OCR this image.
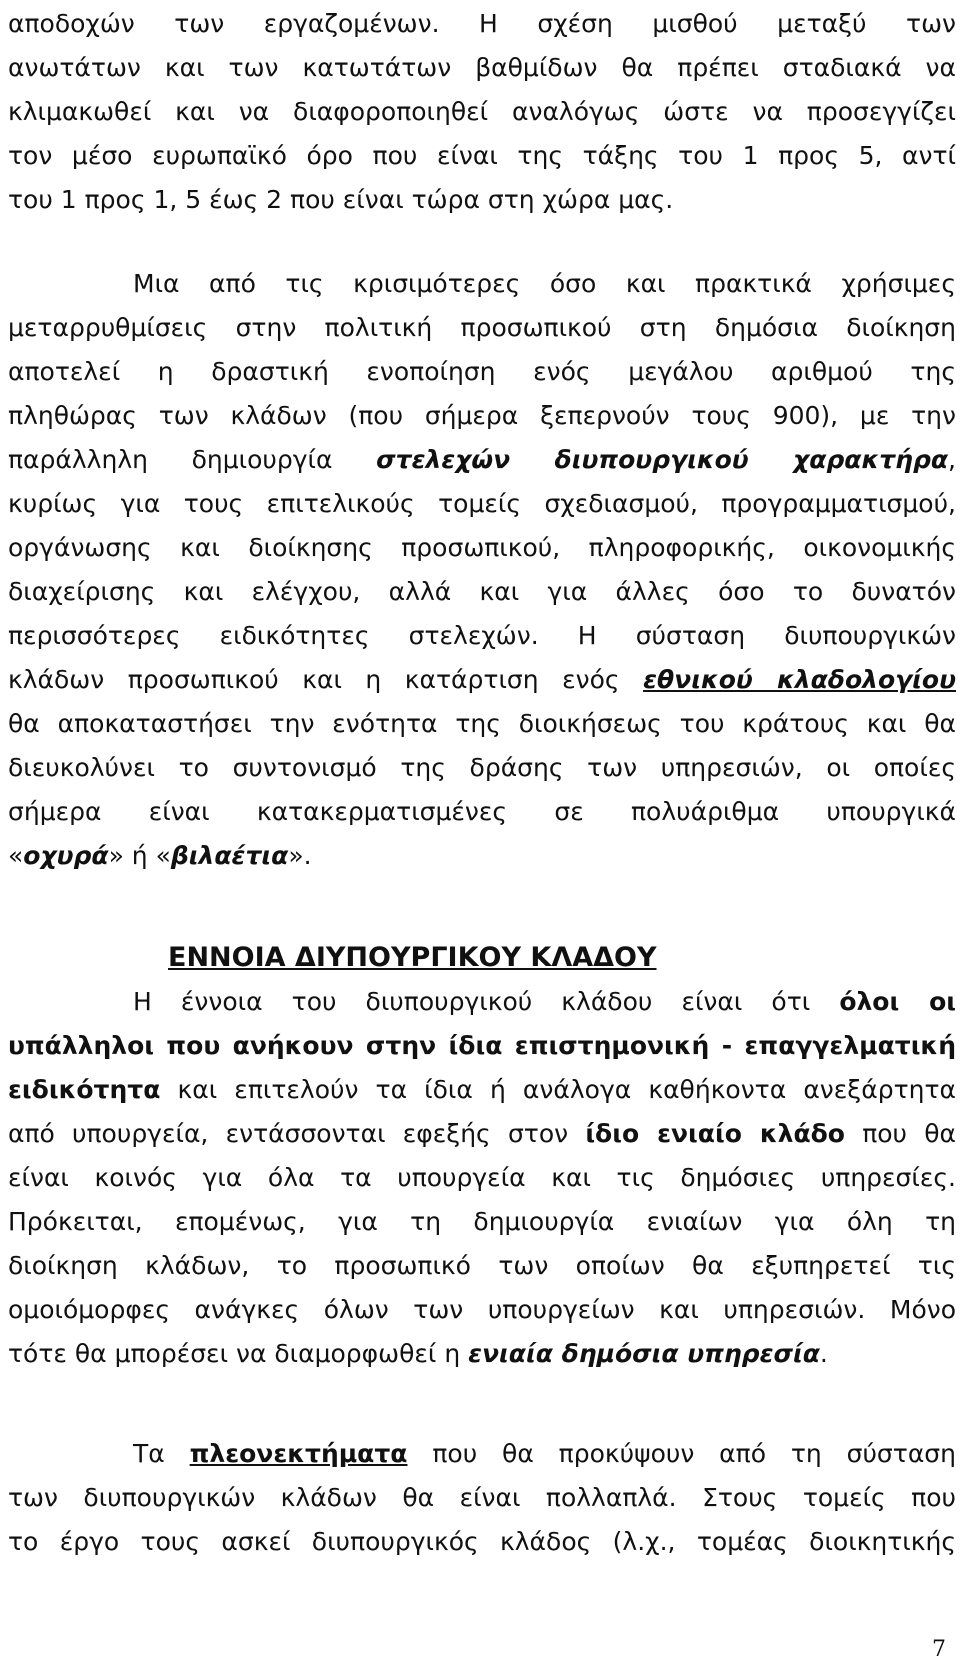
αποδοχών των εργαζομένων. Η σχέση μισθού μεταξύ των
ανωτάτων και των κατωτάτων βαθμίδων θα πρέπει σταδιακά να
κλιμακωθεί και να διαφοροποιηθεί αναλόγως ώστε να προσεγγίζει
τον μέσο ευρωπαϊκό όρο που είναι της τάξης του 1 προς 5, αντί
του 1 προς 1, 5 έως 2 που είναι τώρα στη χώρα μας.
Μια από τις κρισιμότερες όσο και πρακτικά χρήσιμες
μεταρρυθμίσεις στην πολιτική προσωπικού στη δημόσια διοίκηση
αποτελεί η δραστική ενοποίηση ενός μεγάλου αριθμού της
πληθώρας των κλάδων (που σήμερα ξεπερνούν τους 900), με την
παράλληλη δημιουργία στελεχών διυπουργικού χαρακτήρα,
κυρίως για τους επιτελικούς τομείς σχεδιασμού, προγραμματισμού,
οργάνωσης και διοίκησης προσωπικού, πληροφορικής, οικονομικής
διαχείρισης και ελέγχου, αλλά και για άλλες όσο το δυνατόν
περισσότερες ειδικότητες στελεχών. Η σύσταση διυπουργικών
κλάδων προσωπικού και η κατάρτιση ενός εθνικού κλαδολογίου
θα αποκαταστήσει την ενότητα της διοικήσεως του κράτους και θα
διευκολύνει το συντονισμό της δράσης των υπηρεσιών, οι οποίες
σήμερα είναι κατακερματισμένες σε πολυάριθμα υπουργικά
«οχυρά» ή «βιλαέτια».
ΕΝΝΟΙΑ ΔΙΥΠΟΥΡΓΙΚΟΥ ΚΛΑΔΟΥ
Η έννοια του διυπουργικού κλάδου είναι ότι όλοι οι
υπάλληλοι που ανήκουν στην ίδια επιστημονική - επαγγελματική
ειδικότητα και επιτελούν τα ίδια ή ανάλογα καθήκοντα ανεξάρτητα
από υπουργεία, εντάσσονται εφεξής στον ίδιο ενιαίο κλάδο που θα
είναι κοινός για όλα τα υπουργεία και τις δημόσιες υπηρεσίες.
Πρόκειται, επομένως, για τη δημιουργία ενιαίων για όλη τη
διοίκηση κλάδων, το προσωπικό των οποίων θα εξυπηρετεί τις
ομοιόμορφες ανάγκες όλων των υπουργείων και υπηρεσιών. Μόνο
τότε θα μπορέσει να διαμορφωθεί η ενιαία δημόσια υπηρεσία.
Τα πλεονεκτήματα που θα προκύψουν από τη σύσταση
των διυπουργικών κλάδων θα είναι πολλαπλά. Στους τομείς που
το έργο τους ασκεί διυπουργικός κλάδος (λ.χ., τομέας διοικητικής
7
